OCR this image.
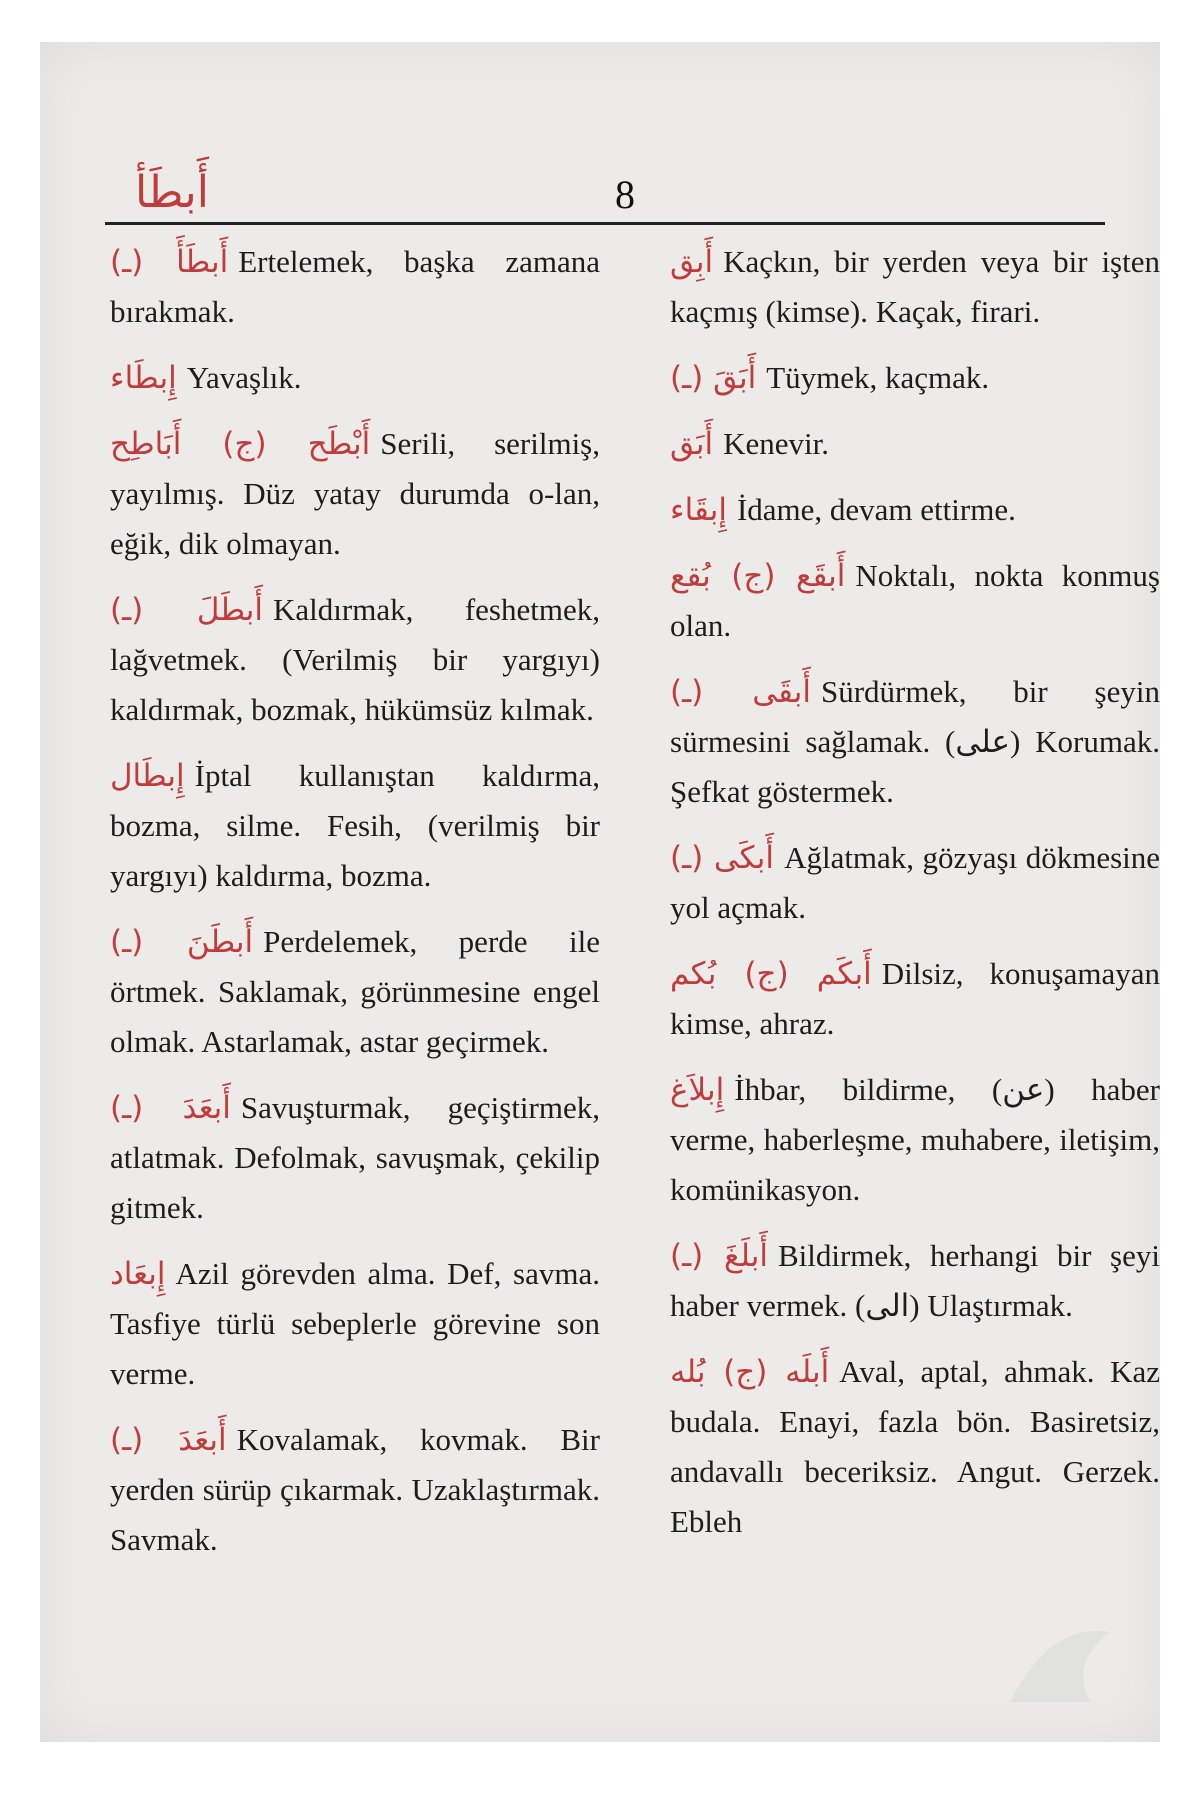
أَبطَأ	8

أَبطَأَ (ـ) Ertelemek, başka zamana bırakmak.

إِبطَاء Yavaşlık.

أَبْطَح (ج) أَبَاطِح Serili, serilmiş, yayılmış. Düz yatay durumda o-lan, eğik, dik olmayan.

أَبطَلَ (ـ) Kaldırmak, feshetmek, lağvetmek. (Verilmiş bir yargıyı) kaldırmak, bozmak, hükümsüz kılmak.

إِبطَال İptal kullanıştan kaldırma, bozma, silme. Fesih, (verilmiş bir yargıyı) kaldırma, bozma.

أَبطَنَ (ـ) Perdelemek, perde ile örtmek. Saklamak, görünmesine engel olmak. Astarlamak, astar geçirmek.

أَبعَدَ (ـ) Savuşturmak, geçiştirmek, atlatmak. Defolmak, savuşmak, çekilip gitmek.

إِبعَاد Azil görevden alma. Def, savma. Tasfiye türlü sebeplerle görevine son verme.

أَبعَدَ (ـ) Kovalamak, kovmak. Bir yerden sürüp çıkarmak. Uzaklaştırmak. Savmak.

أَبِق Kaçkın, bir yerden veya bir işten kaçmış (kimse). Kaçak, firari.

أَبَقَ (ـ) Tüymek, kaçmak.

أَبَق Kenevir.

إِبقَاء İdame, devam ettirme.

أَبقَع (ج) بُقع Noktalı, nokta konmuş olan.

أَبقَى (ـ) Sürdürmek, bir şeyin sürmesini sağlamak. (على) Korumak. Şefkat göstermek.

أَبكَى (ـ) Ağlatmak, gözyaşı dökmesine yol açmak.

أَبكَم (ج) بُكم Dilsiz, konuşamayan kimse, ahraz.

إِبلاَغ İhbar, bildirme, (عن) haber verme, haberleşme, muhabere, iletişim, komünikasyon.

أَبلَغَ (ـ) Bildirmek, herhangi bir şeyi haber vermek. (الى) Ulaştırmak.

أَبلَه (ج) بُله Aval, aptal, ahmak. Kaz budala. Enayi, fazla bön. Basiretsiz, andavallı beceriksiz. Angut. Gerzek. Ebleh
